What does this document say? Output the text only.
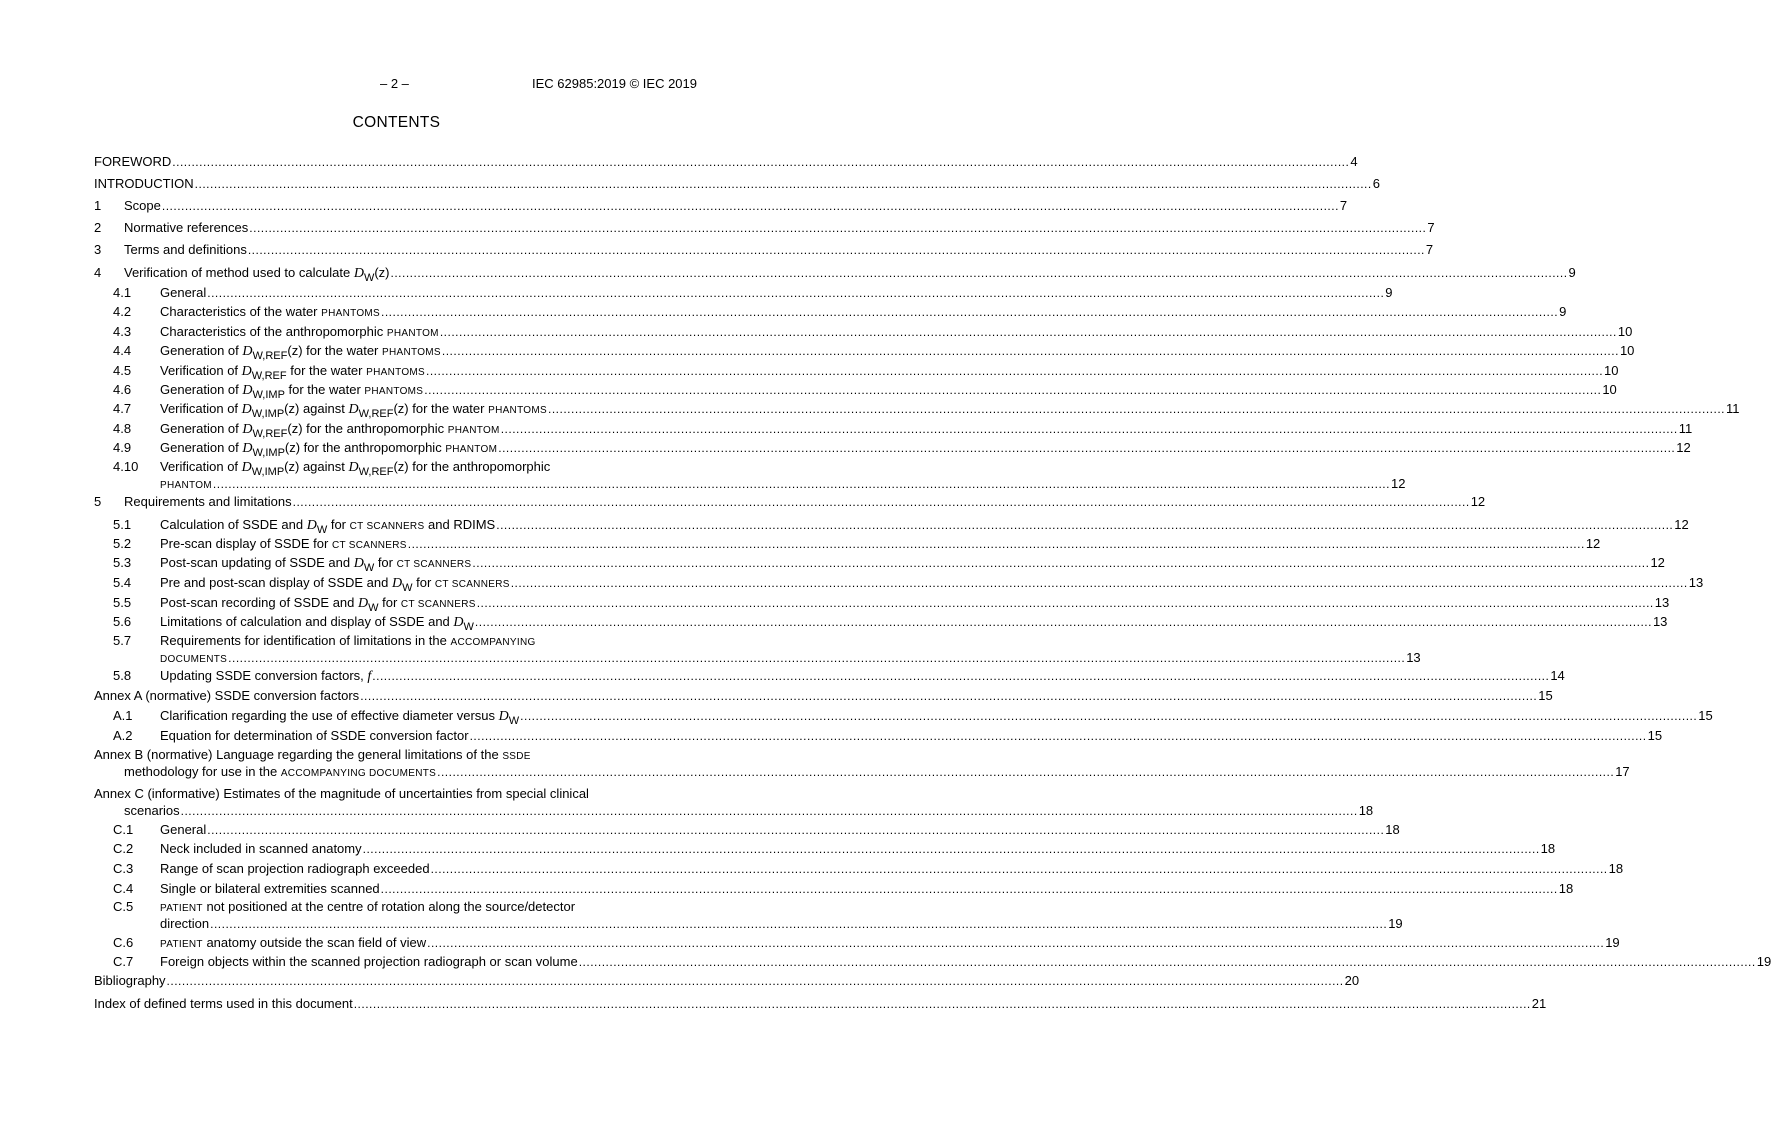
– 2 –	IEC 62985:2019 © IEC 2019
CONTENTS
FOREWORD .....	4
INTRODUCTION .....	6
1 Scope .....	7
2 Normative references .....	7
3 Terms and definitions .....	7
4 Verification of method used to calculate $D_W(z)$ .....	9
4.1 General .....	9
4.2 Characteristics of the water PHANTOMS .....	9
4.3 Characteristics of the anthropomorphic PHANTOM .....	10
4.4 Generation of $D_{W,REF}(z)$ for the water PHANTOMS .....	10
4.5 Verification of $D_{W,REF}$ for the water PHANTOMS .....	10
4.6 Generation of $D_{W,IMP}$ for the water PHANTOMS .....	10
4.7 Verification of $D_{W,IMP}(z)$ against $D_{W,REF}(z)$ for the water PHANTOMS .....	11
4.8 Generation of $D_{W,REF}(z)$ for the anthropomorphic PHANTOM .....	11
4.9 Generation of $D_{W,IMP}(z)$ for the anthropomorphic PHANTOM .....	12
4.10 Verification of $D_{W,IMP}(z)$ against $D_{W,REF}(z)$ for the anthropomorphic
PHANTOM .....	12
5 Requirements and limitations .....	12
5.1 Calculation of SSDE and $D_W$ for CT SCANNERS and RDIMS .....	12
5.2 Pre-scan display of SSDE for CT SCANNERS .....	12
5.3 Post-scan updating of SSDE and $D_W$ for CT SCANNERS .....	12
5.4 Pre and post-scan display of SSDE and $D_W$ for CT SCANNERS .....	13
5.5 Post-scan recording of SSDE and $D_W$ for CT SCANNERS .....	13
5.6 Limitations of calculation and display of SSDE and $D_W$ .....	13
5.7 Requirements for identification of limitations in the ACCOMPANYING
DOCUMENTS .....	13
5.8 Updating SSDE conversion factors, f .....	14
Annex A (normative) SSDE conversion factors .....	15
A.1 Clarification regarding the use of effective diameter versus $D_W$ .....	15
A.2 Equation for determination of SSDE conversion factor .....	15
Annex B (normative) Language regarding the general limitations of the SSDE
methodology for use in the ACCOMPANYING DOCUMENTS .....	17
Annex C (informative) Estimates of the magnitude of uncertainties from special clinical
scenarios .....	18
C.1 General .....	18
C.2 Neck included in scanned anatomy .....	18
C.3 Range of scan projection radiograph exceeded .....	18
C.4 Single or bilateral extremities scanned .....	18
C.5	PATIENT not positioned at the centre of rotation along the source/detector
direction .....	19
C.6	PATIENT anatomy outside the scan field of view .....	19
C.7 Foreign objects within the scanned projection radiograph or scan volume .....	19
Bibliography .....	20
Index of defined terms used in this document .....	21
